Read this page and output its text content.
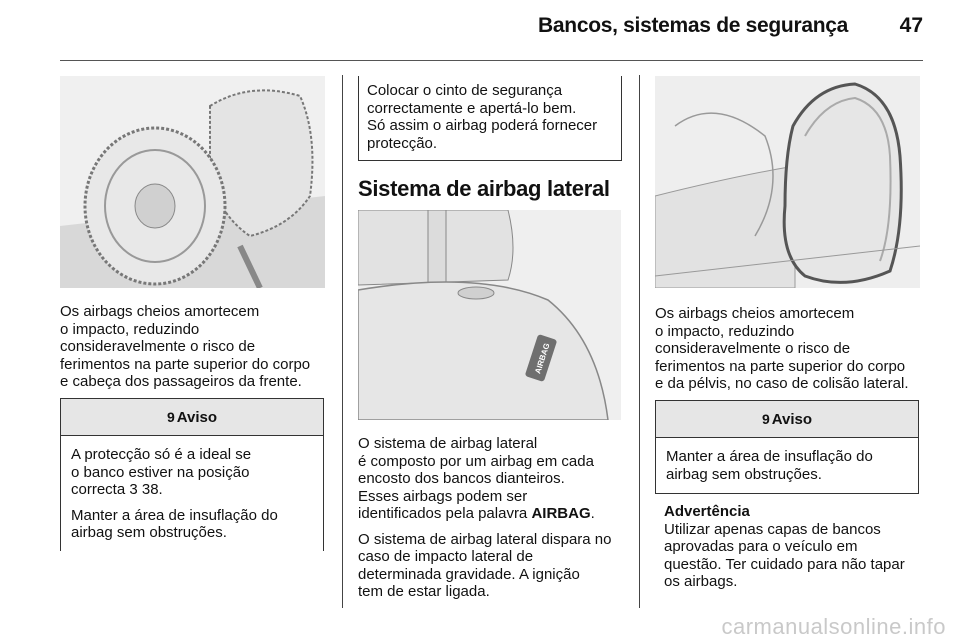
Bancos, sistemas de segurança 47
Os airbags cheios amortecem
o impacto, reduzindo
consideravelmente o risco de
ferimentos na parte superior do corpo
e cabeça dos passageiros da frente.
9 Aviso

A protecção só é a ideal se
o banco estiver na posição
correcta 3 38.

Manter a área de insuflação do
airbag sem obstruções.

Colocar o cinto de segurança
correctamente e apertá-lo bem.
Só assim o airbag poderá fornecer
protecção.
Sistema de airbag lateral
AIRBAG

O sistema de airbag lateral
é composto por um airbag em cada
encosto dos bancos dianteiros.
Esses airbags podem ser
identificados pela palavra AIRBAG.

O sistema de airbag lateral dispara no
caso de impacto lateral de
determinada gravidade. A ignição
tem de estar ligada.

Os airbags cheios amortecem
o impacto, reduzindo
consideravelmente o risco de
ferimentos na parte superior do corpo
e da pélvis, no caso de colisão lateral.
9 Aviso
Manter a área de insuflação do
airbag sem obstruções.
Advertência
Utilizar apenas capas de bancos
aprovadas para o veículo em
questão. Ter cuidado para não tapar
os airbags.
carmanualsonline.info
